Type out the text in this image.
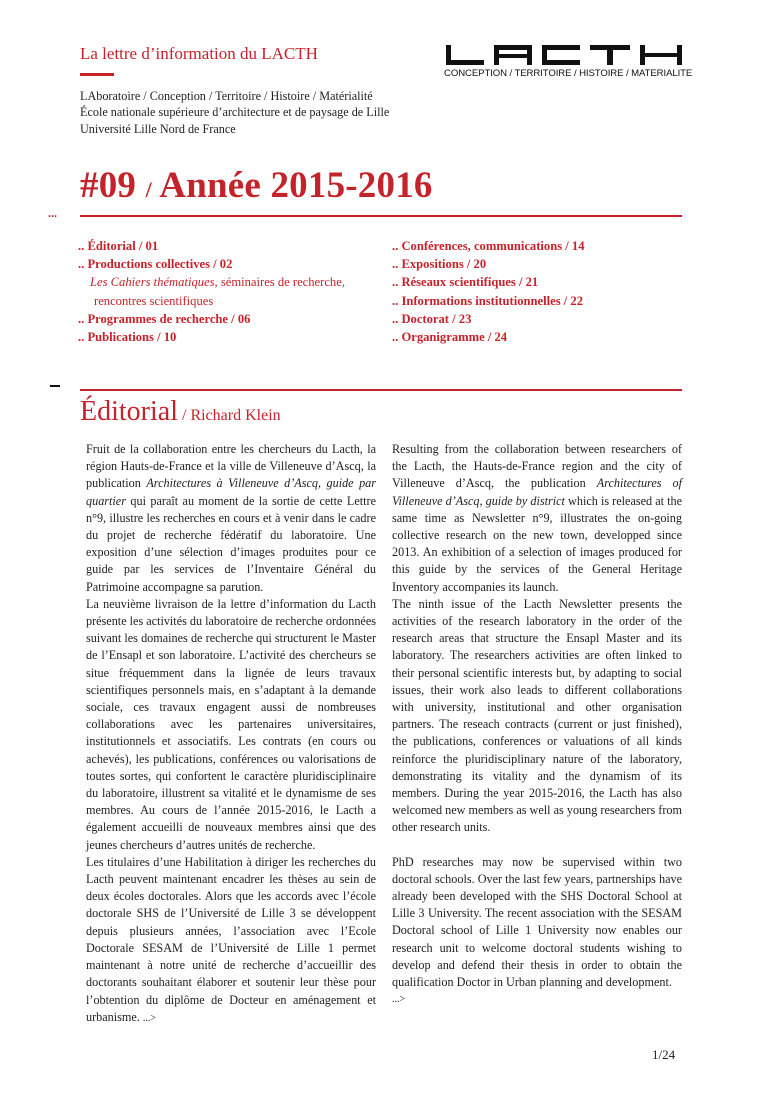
La lettre d’information du LACTH
LAboratoire / Conception / Territoire / Histoire / Matérialité
École nationale supérieure d’architecture et de paysage de Lille
Université Lille Nord de France
CONCEPTION / TERRITOIRE / HISTOIRE / MATERIALITE
#09 / Année 2015-2016
...
.. Éditorial / 01
.. Productions collectives / 02
Les Cahiers thématiques, séminaires de recherche,
rencontres scientifiques
.. Programmes de recherche / 06
.. Publications / 10
.. Conférences, communications / 14
.. Expositions / 20
.. Réseaux scientifiques / 21
.. Informations institutionnelles / 22
.. Doctorat / 23
.. Organigramme / 24
Éditorial / Richard Klein

Fruit de la collaboration entre les chercheurs du Lacth, la région Hauts-de-France et la ville de Villeneuve d’Ascq, la publication Architectures à Villeneuve d’Ascq, guide par quartier qui paraît au moment de la sortie de cette Lettre n°9, illustre les recherches en cours et à venir dans le cadre du projet de recherche fédératif du laboratoire. Une exposition d’une sélection d’images produites pour ce guide par les services de l’Inventaire Général du Patrimoine accompagne sa parution.

La neuvième livraison de la lettre d’information du Lacth présente les activités du laboratoire de recherche ordonnées suivant les domaines de recherche qui structurent le Master de l’Ensapl et son laboratoire. L’activité des chercheurs se situe fréquemment dans la lignée de leurs travaux scientifiques personnels mais, en s’adaptant à la demande sociale, ces travaux engagent aussi de nombreuses collaborations avec les partenaires universitaires, institutionnels et associatifs. Les contrats (en cours ou achevés), les publications, conférences ou valorisations de toutes sortes, qui confortent le caractère pluridisciplinaire du laboratoire, illustrent sa vitalité et le dynamisme de ses membres. Au cours de l’année 2015-2016, le Lacth a également accueilli de nouveaux membres ainsi que des jeunes chercheurs d’autres unités de recherche.

Les titulaires d’une Habilitation à diriger les recherches du Lacth peuvent maintenant encadrer les thèses au sein de deux écoles doctorales. Alors que les accords avec l’école doctorale SHS de l’Université de Lille 3 se développent depuis plusieurs années, l’association avec l’Ecole Doctorale SESAM de l’Université de Lille 1 permet maintenant à notre unité de recherche d’accueillir des doctorants souhaitant élaborer et soutenir leur thèse pour l’obtention du diplôme de Docteur en aménagement et urbanisme. ...>

Resulting from the collaboration between researchers of the Lacth, the Hauts-de-France region and the city of Villeneuve d’Ascq, the publication Architectures of Villeneuve d’Ascq, guide by district which is released at the same time as Newsletter n°9, illustrates the on-going collective research on the new town, developped since 2013. An exhibition of a selection of images produced for this guide by the services of the General Heritage Inventory accompanies its launch.

The ninth issue of the Lacth Newsletter presents the activities of the research laboratory in the order of the research areas that structure the Ensapl Master and its laboratory. The researchers activities are often linked to their personal scientific interests but, by adapting to social issues, their work also leads to different collaborations with university, institutional and other organisation partners. The reseach contracts (current or just finished), the publications, conferences or valuations of all kinds reinforce the pluridisciplinary nature of the laboratory, demonstrating its vitality and the dynamism of its members. During the year 2015-2016, the Lacth has also welcomed new members as well as young researchers from other research units.

PhD researches may now be supervised within two doctoral schools. Over the last few years, partnerships have already been developed with the SHS Doctoral School at Lille 3 University. The recent association with the SESAM Doctoral school of Lille 1 University now enables our research unit to welcome doctoral students wishing to develop and defend their thesis in order to obtain the qualification Doctor in Urban planning and development.

...>
1/24
